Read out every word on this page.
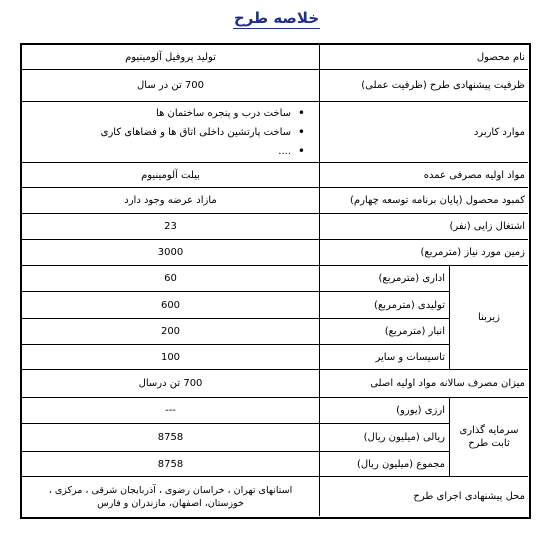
خلاصه طرح
نام محصول
تولید پروفیل آلومینیوم
ظرفیت پیشنهادی طرح (ظرفیت عملی)
700 تن در سال
موارد کاربرد
• ساخت درب و پنجره ساختمان ها
• ساخت پارتشین داخلی اتاق ها و فضاهای کاری
• ....
مواد اولیه مصرفی عمده
بیلت آلومینیوم
کمبود محصول (پایان برنامه توسعه چهارم)
مازاد عرضه وجود دارد
اشتغال زایی (نفر)
23
زمین مورد نیاز (مترمربع)
3000
زیربنا
اداری (مترمربع)
60
تولیدی (مترمربع)
600
انبار (مترمربع)
200
تاسیسات و سایر
100
میزان مصرف سالانه مواد اولیه اصلی
700 تن درسال
سرمایه گذاری
ثابت طرح
ارزی (یورو)
---
ریالی (میلیون ریال)
8758
مجموع (میلیون ریال)
8758
محل پیشنهادی اجرای طرح
استانهای تهران ، خراسان رضوی ، آذربایجان شرقی ، مرکزی ،
خوزستان، اصفهان، مازندران و فارس
